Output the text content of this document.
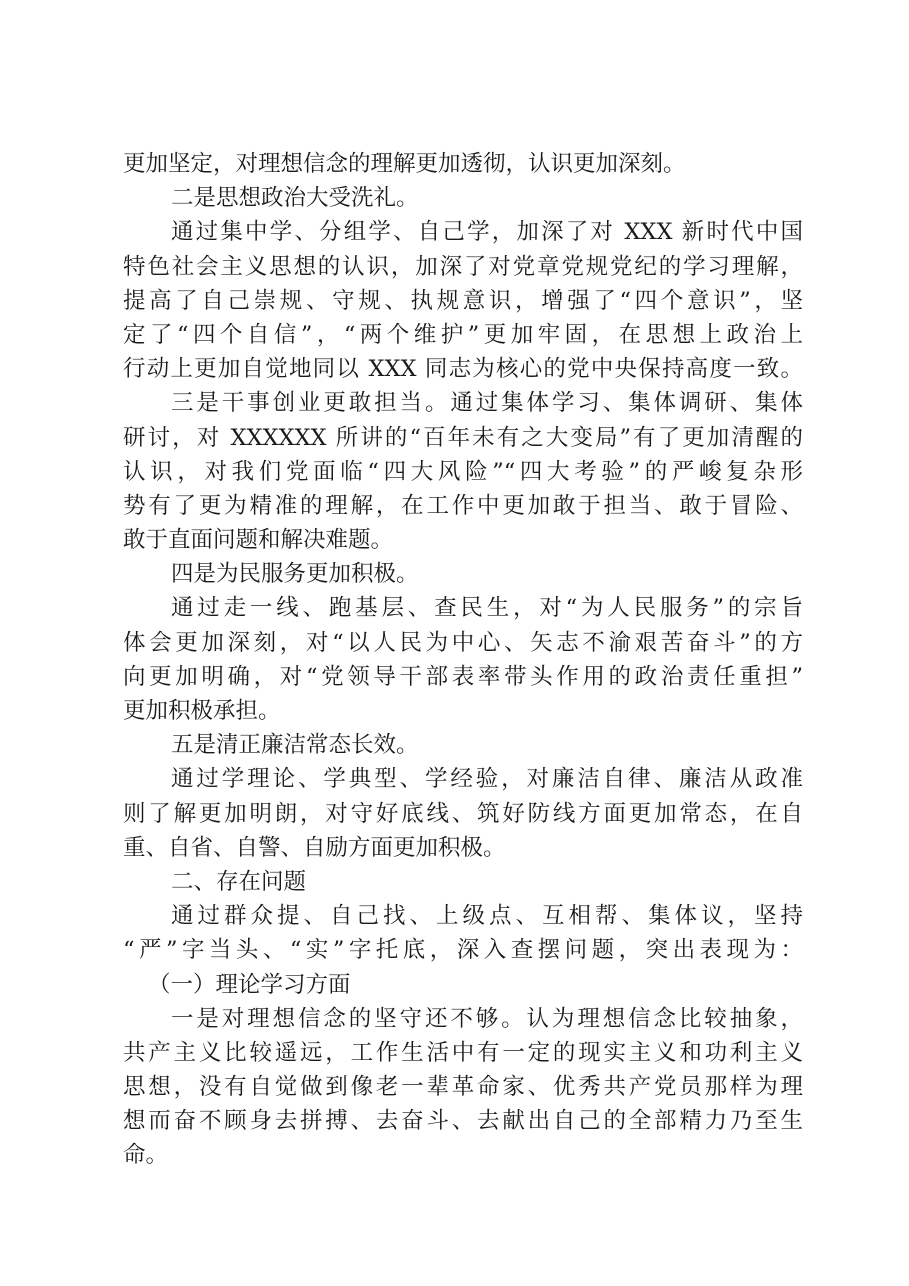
更加坚定，对理想信念的理解更加透彻，认识更加深刻。
二是思想政治大受洗礼。
通过集中学、分组学、自己学，加深了对 XXX 新时代中国
特色社会主义思想的认识，加深了对党章党规党纪的学习理解，
提高了自己崇规、守规、执规意识，增强了“四个意识”，坚
定了“四个自信”，“两个维护”更加牢固，在思想上政治上
行动上更加自觉地同以 XXX 同志为核心的党中央保持高度一致。
三是干事创业更敢担当。通过集体学习、集体调研、集体
研讨，对 XXXXXX 所讲的“百年未有之大变局”有了更加清醒的
认识，对我们党面临“四大风险”“四大考验”的严峻复杂形
势有了更为精准的理解，在工作中更加敢于担当、敢于冒险、
敢于直面问题和解决难题。
四是为民服务更加积极。
通过走一线、跑基层、查民生，对“为人民服务”的宗旨
体会更加深刻，对“以人民为中心、矢志不渝艰苦奋斗”的方
向更加明确，对“党领导干部表率带头作用的政治责任重担”
更加积极承担。
五是清正廉洁常态长效。
通过学理论、学典型、学经验，对廉洁自律、廉洁从政准
则了解更加明朗，对守好底线、筑好防线方面更加常态，在自
重、自省、自警、自励方面更加积极。
二、存在问题
通过群众提、自己找、上级点、互相帮、集体议，坚持
“严”字当头、“实”字托底，深入查摆问题，突出表现为：
（一）理论学习方面
一是对理想信念的坚守还不够。认为理想信念比较抽象，
共产主义比较遥远，工作生活中有一定的现实主义和功利主义
思想，没有自觉做到像老一辈革命家、优秀共产党员那样为理
想而奋不顾身去拼搏、去奋斗、去献出自己的全部精力乃至生
命。
